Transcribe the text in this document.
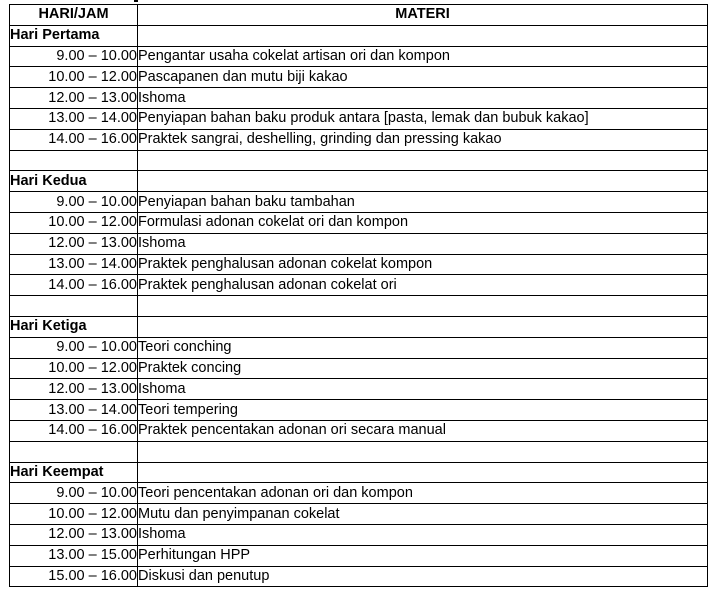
HARI/JAM	MATERI
Hari Pertama	
9.00 – 10.00	Pengantar usaha cokelat artisan ori dan kompon
10.00 – 12.00	Pascapanen dan mutu biji kakao
12.00 – 13.00	Ishoma
13.00 – 14.00	Penyiapan bahan baku produk antara [pasta, lemak dan bubuk kakao]
14.00 – 16.00	Praktek sangrai, deshelling, grinding dan pressing kakao

Hari Kedua	
9.00 – 10.00	Penyiapan bahan baku tambahan
10.00 – 12.00	Formulasi adonan cokelat ori dan kompon
12.00 – 13.00	Ishoma
13.00 – 14.00	Praktek penghalusan adonan cokelat kompon
14.00 – 16.00	Praktek penghalusan adonan cokelat ori

Hari Ketiga	
9.00 – 10.00	Teori conching
10.00 – 12.00	Praktek concing
12.00 – 13.00	Ishoma
13.00 – 14.00	Teori tempering
14.00 – 16.00	Praktek pencentakan adonan ori secara manual

Hari Keempat	
9.00 – 10.00	Teori pencentakan adonan ori dan kompon
10.00 – 12.00	Mutu dan penyimpanan cokelat
12.00 – 13.00	Ishoma
13.00 – 15.00	Perhitungan HPP
15.00 – 16.00	Diskusi dan penutup
